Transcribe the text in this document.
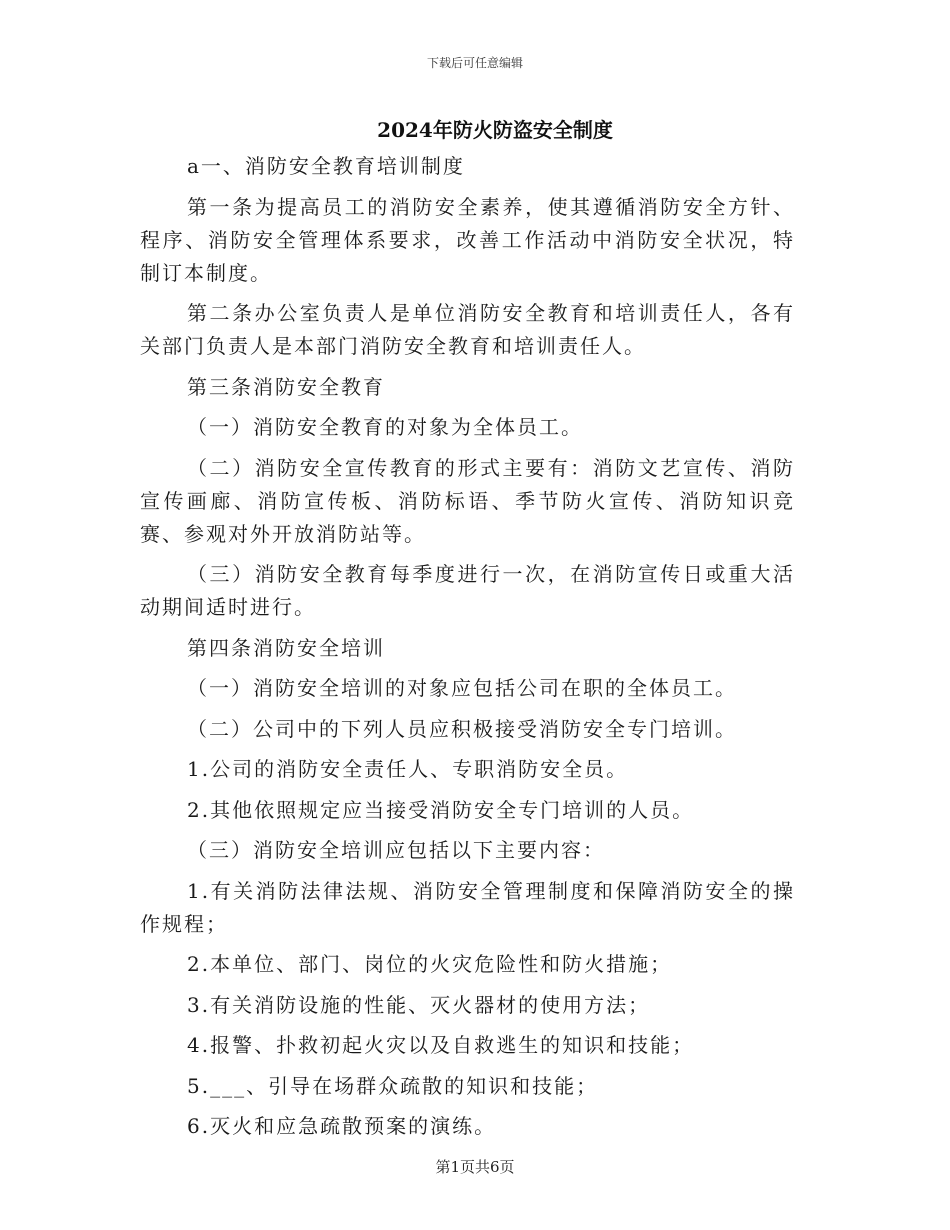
下载后可任意编辑
2024年防火防盗安全制度

a一、消防安全教育培训制度

第一条为提高员工的消防安全素养，使其遵循消防安全方针、程序、消防安全管理体系要求，改善工作活动中消防安全状况，特制订本制度。

第二条办公室负责人是单位消防安全教育和培训责任人，各有关部门负责人是本部门消防安全教育和培训责任人。

第三条消防安全教育

（一）消防安全教育的对象为全体员工。

（二）消防安全宣传教育的形式主要有：消防文艺宣传、消防宣传画廊、消防宣传板、消防标语、季节防火宣传、消防知识竞赛、参观对外开放消防站等。

（三）消防安全教育每季度进行一次，在消防宣传日或重大活动期间适时进行。

第四条消防安全培训

（一）消防安全培训的对象应包括公司在职的全体员工。

（二）公司中的下列人员应积极接受消防安全专门培训。

1.公司的消防安全责任人、专职消防安全员。

2.其他依照规定应当接受消防安全专门培训的人员。

（三）消防安全培训应包括以下主要内容：

1.有关消防法律法规、消防安全管理制度和保障消防安全的操作规程；

2.本单位、部门、岗位的火灾危险性和防火措施；

3.有关消防设施的性能、灭火器材的使用方法；

4.报警、扑救初起火灾以及自救逃生的知识和技能；

5.___、引导在场群众疏散的知识和技能；

6.灭火和应急疏散预案的演练。

第1页共6页
